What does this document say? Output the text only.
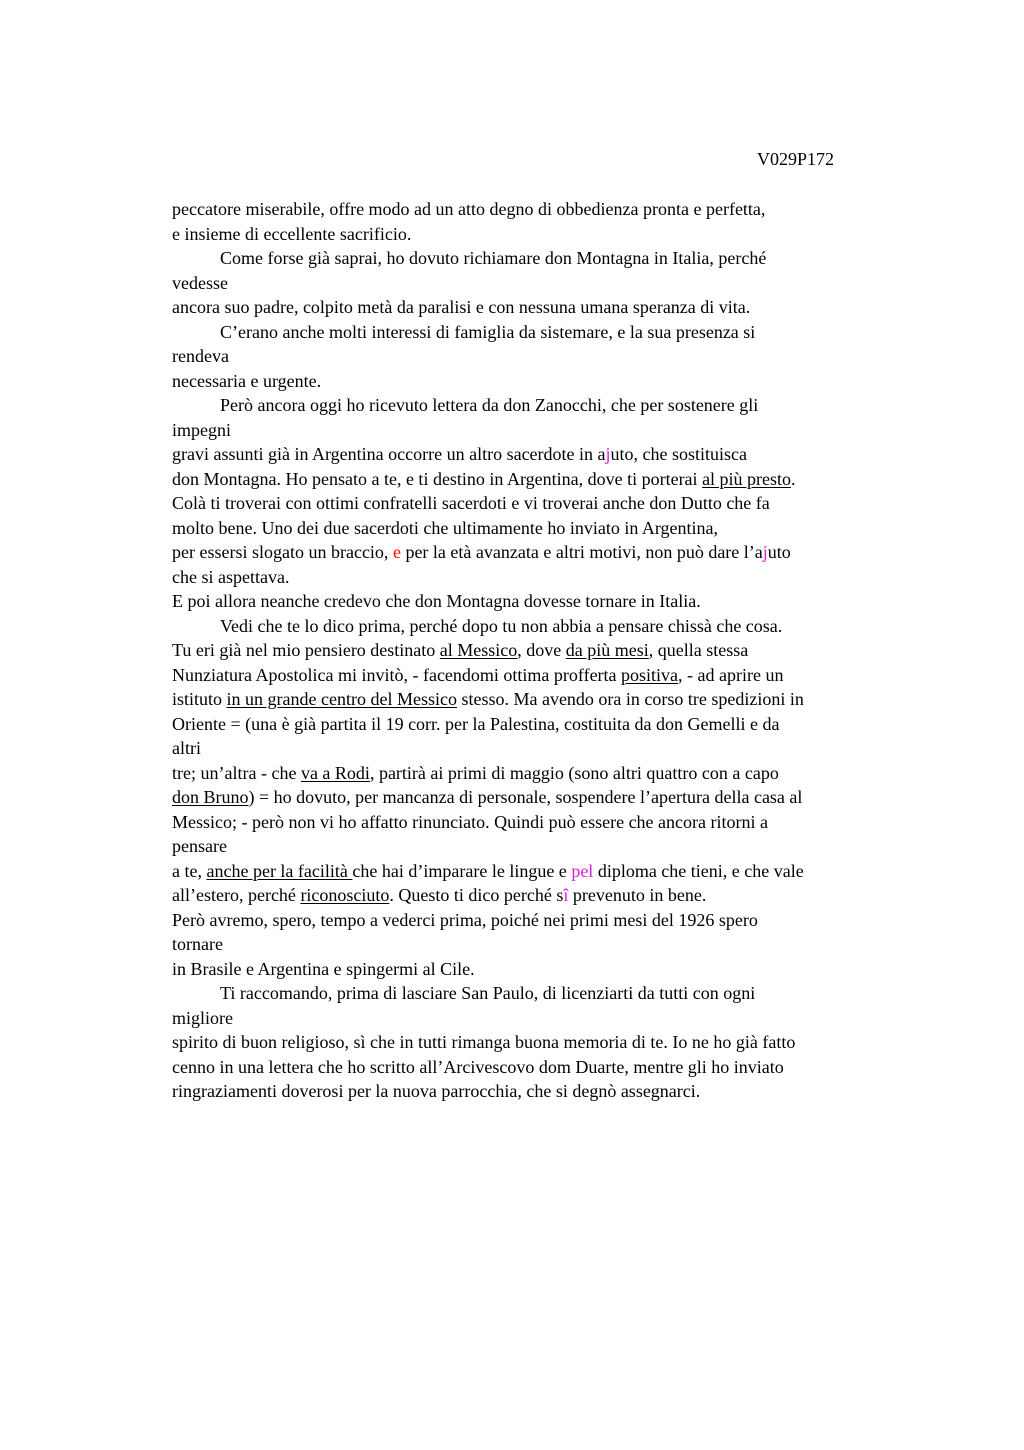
V029P172
peccatore miserabile, offre modo ad un atto degno di obbedienza pronta e perfetta,
e insieme di eccellente sacrificio.
Come forse già saprai, ho dovuto richiamare don Montagna in Italia, perché
vedesse
ancora suo padre, colpito metà da paralisi e con nessuna umana speranza di vita.
C’erano anche molti interessi di famiglia da sistemare, e la sua presenza si
rendeva
necessaria e urgente.
Però ancora oggi ho ricevuto lettera da don Zanocchi, che per sostenere gli
impegni
gravi assunti già in Argentina occorre un altro sacerdote in ajuto, che sostituisca
don Montagna. Ho pensato a te, e ti destino in Argentina, dove ti porterai al più presto.
Colà ti troverai con ottimi confratelli sacerdoti e vi troverai anche don Dutto che fa
molto bene. Uno dei due sacerdoti che ultimamente ho inviato in Argentina,
per essersi slogato un braccio, e per la età avanzata e altri motivi, non può dare l’ajuto
che si aspettava.
E poi allora neanche credevo che don Montagna dovesse tornare in Italia.
Vedi che te lo dico prima, perché dopo tu non abbia a pensare chissà che cosa.
Tu eri già nel mio pensiero destinato al Messico, dove da più mesi, quella stessa
Nunziatura Apostolica mi invitò, - facendomi ottima profferta positiva, - ad aprire un
istituto in un grande centro del Messico stesso. Ma avendo ora in corso tre spedizioni in
Oriente = (una è già partita il 19 corr. per la Palestina, costituita da don Gemelli e da
altri
tre; un’altra - che va a Rodi, partirà ai primi di maggio (sono altri quattro con a capo
don Bruno) = ho dovuto, per mancanza di personale, sospendere l’apertura della casa al
Messico; - però non vi ho affatto rinunciato. Quindi può essere che ancora ritorni a
pensare
a te, anche per la facilità che hai d’imparare le lingue e pel diploma che tieni, e che vale
all’estero, perché riconosciuto. Questo ti dico perché sî prevenuto in bene.
Però avremo, spero, tempo a vederci prima, poiché nei primi mesi del 1926 spero
tornare
in Brasile e Argentina e spingermi al Cile.
Ti raccomando, prima di lasciare San Paulo, di licenziarti da tutti con ogni
migliore
spirito di buon religioso, sì che in tutti rimanga buona memoria di te. Io ne ho già fatto
cenno in una lettera che ho scritto all’Arcivescovo dom Duarte, mentre gli ho inviato
ringraziamenti doverosi per la nuova parrocchia, che si degnò assegnarci.
